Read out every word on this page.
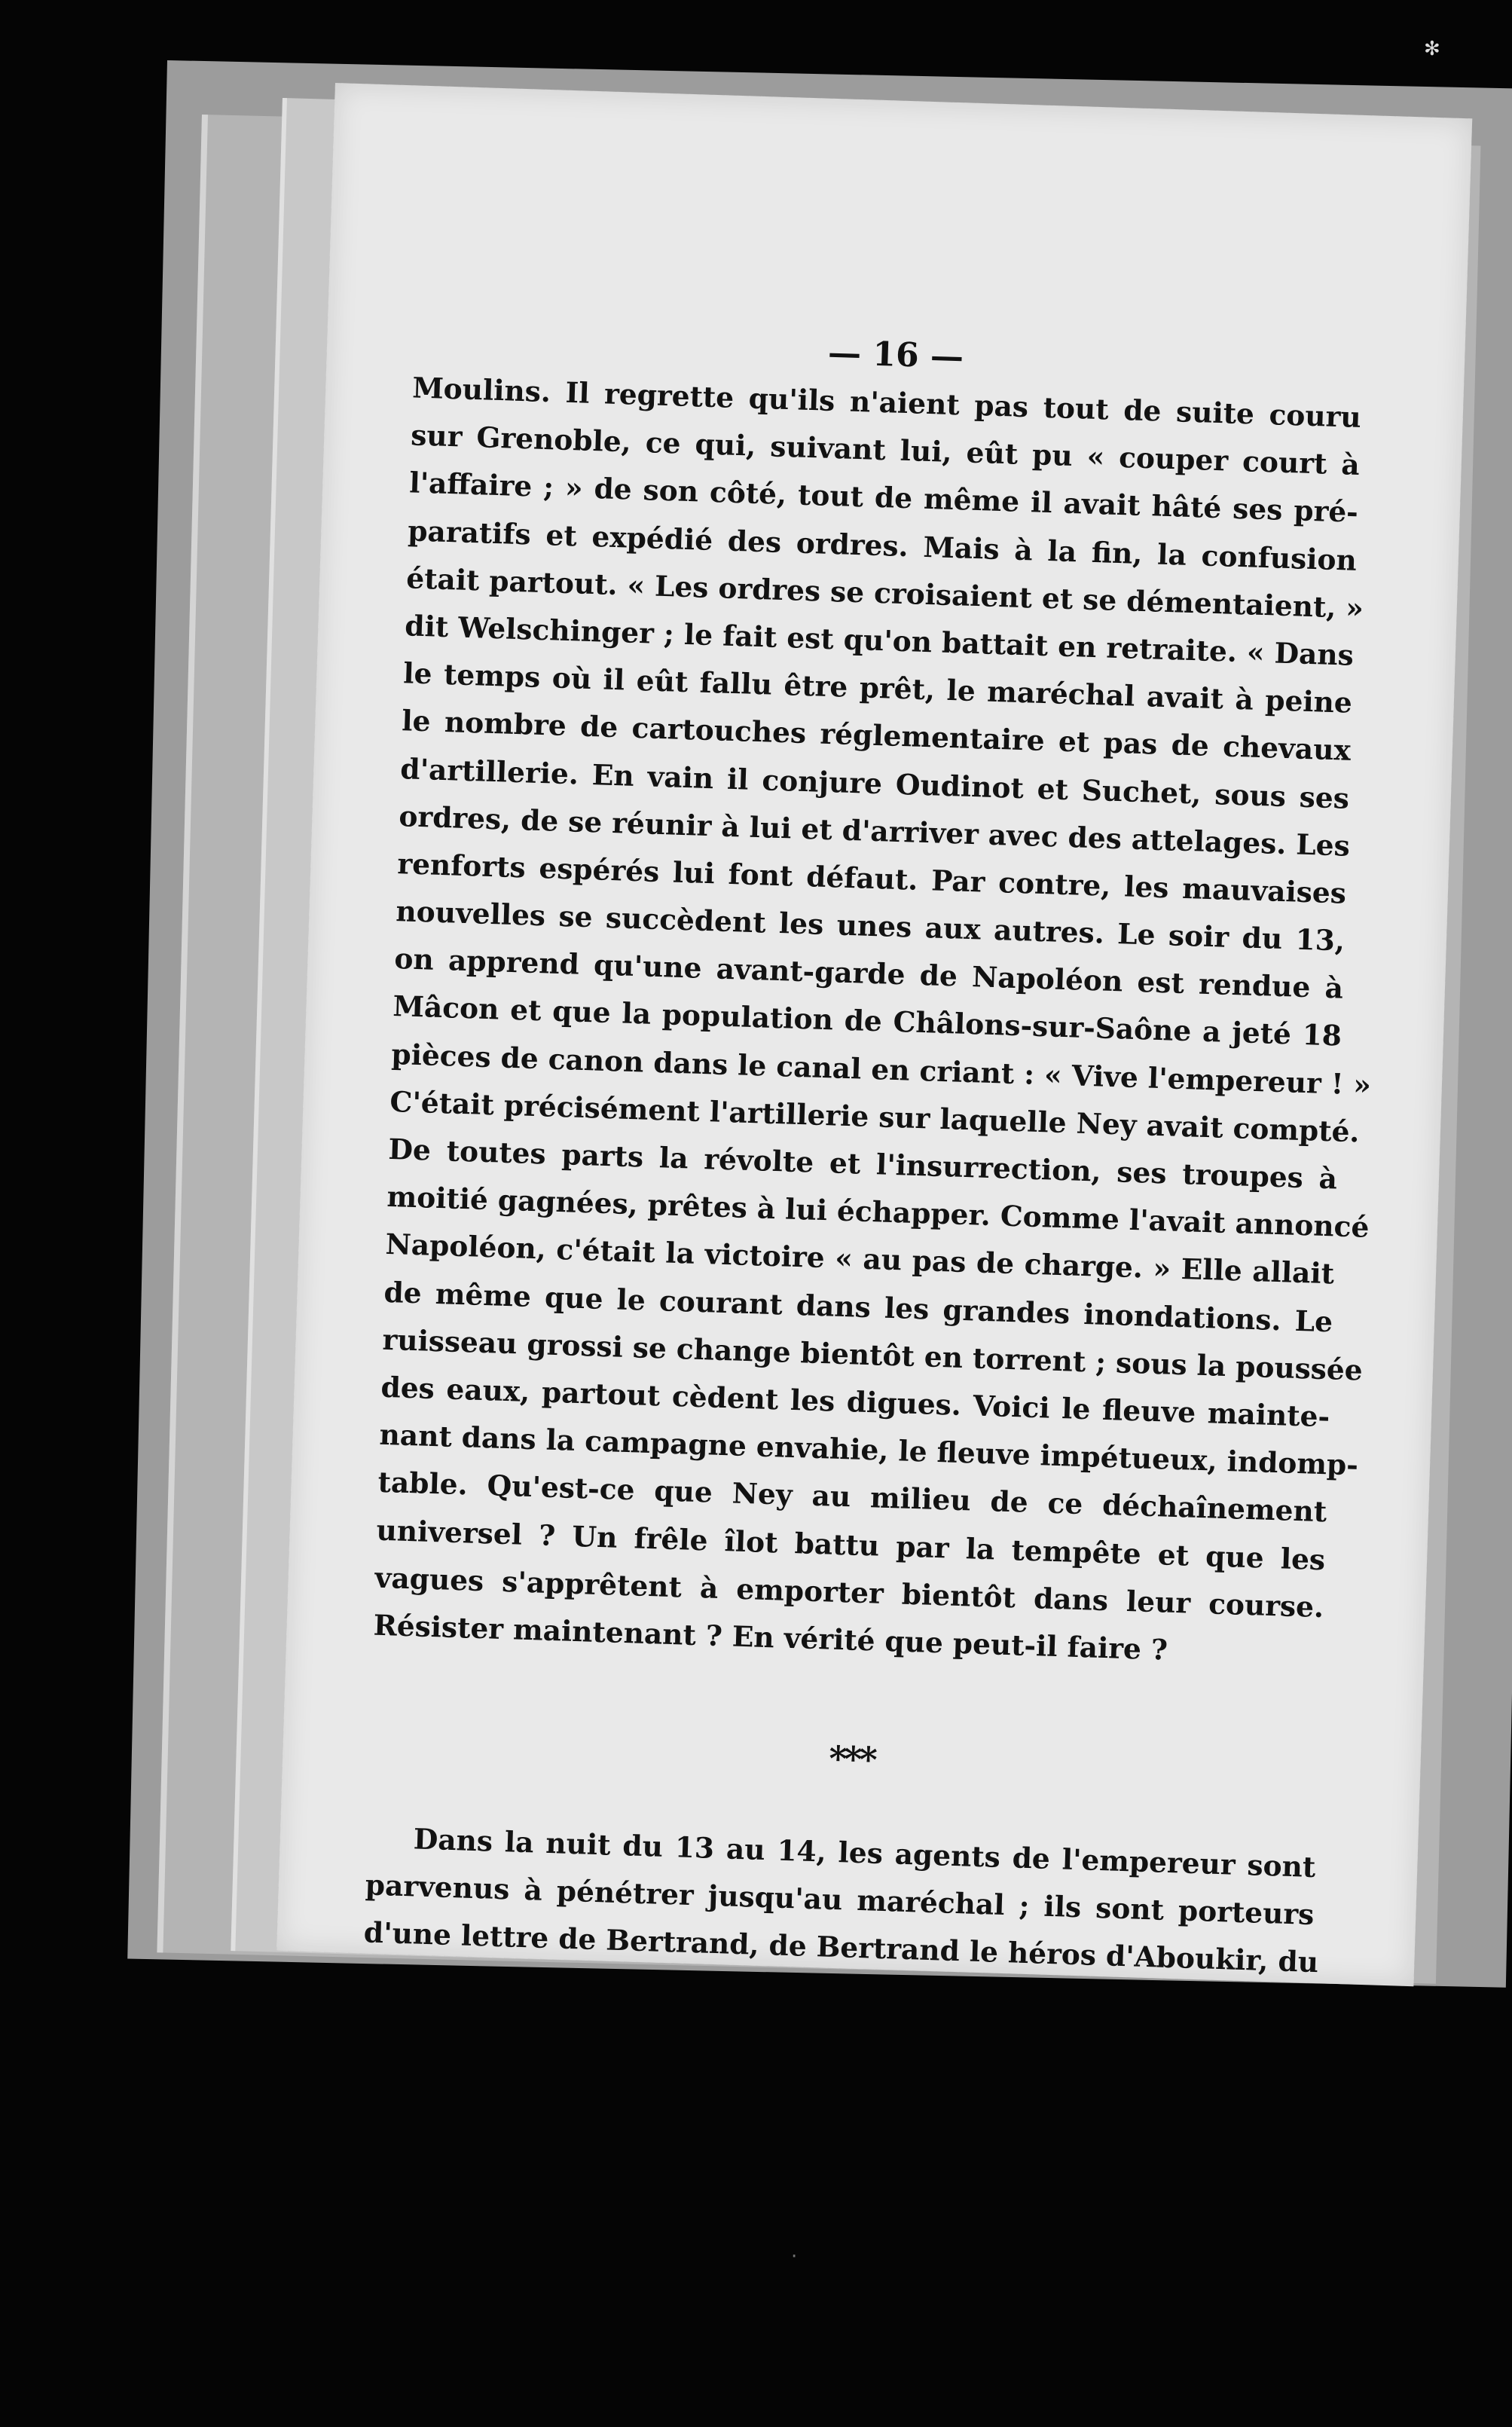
— 16 —
Moulins. Il regrette qu'ils n'aient pas tout de suite couru
sur Grenoble, ce qui, suivant lui, eût pu « couper court à
l'affaire ; » de son côté, tout de même il avait hâté ses pré-
paratifs et expédié des ordres. Mais à la fin, la confusion
était partout. « Les ordres se croisaient et se démentaient, »
dit Welschinger ; le fait est qu'on battait en retraite. « Dans
le temps où il eût fallu être prêt, le maréchal avait à peine
le nombre de cartouches réglementaire et pas de chevaux
d'artillerie. En vain il conjure Oudinot et Suchet, sous ses
ordres, de se réunir à lui et d'arriver avec des attelages. Les
renforts espérés lui font défaut. Par contre, les mauvaises
nouvelles se succèdent les unes aux autres. Le soir du 13,
on apprend qu'une avant-garde de Napoléon est rendue à
Mâcon et que la population de Châlons-sur-Saône a jeté 18
pièces de canon dans le canal en criant : « Vive l'empereur ! »
C'était précisément l'artillerie sur laquelle Ney avait compté.
De toutes parts la révolte et l'insurrection, ses troupes à
moitié gagnées, prêtes à lui échapper. Comme l'avait annoncé
Napoléon, c'était la victoire « au pas de charge. » Elle allait
de même que le courant dans les grandes inondations. Le
ruisseau grossi se change bientôt en torrent ; sous la poussée
des eaux, partout cèdent les digues. Voici le fleuve mainte-
nant dans la campagne envahie, le fleuve impétueux, indomp-
table. Qu'est-ce que Ney au milieu de ce déchaînement
universel ? Un frêle îlot battu par la tempête et que les
vagues s'apprêtent à emporter bientôt dans leur course.
Résister maintenant ? En vérité que peut-il faire ?
***
Dans la nuit du 13 au 14, les agents de l'empereur sont
parvenus à pénétrer jusqu'au maréchal ; ils sont porteurs
d'une lettre de Bertrand, de Bertrand le héros d'Aboukir, du
✻
·
